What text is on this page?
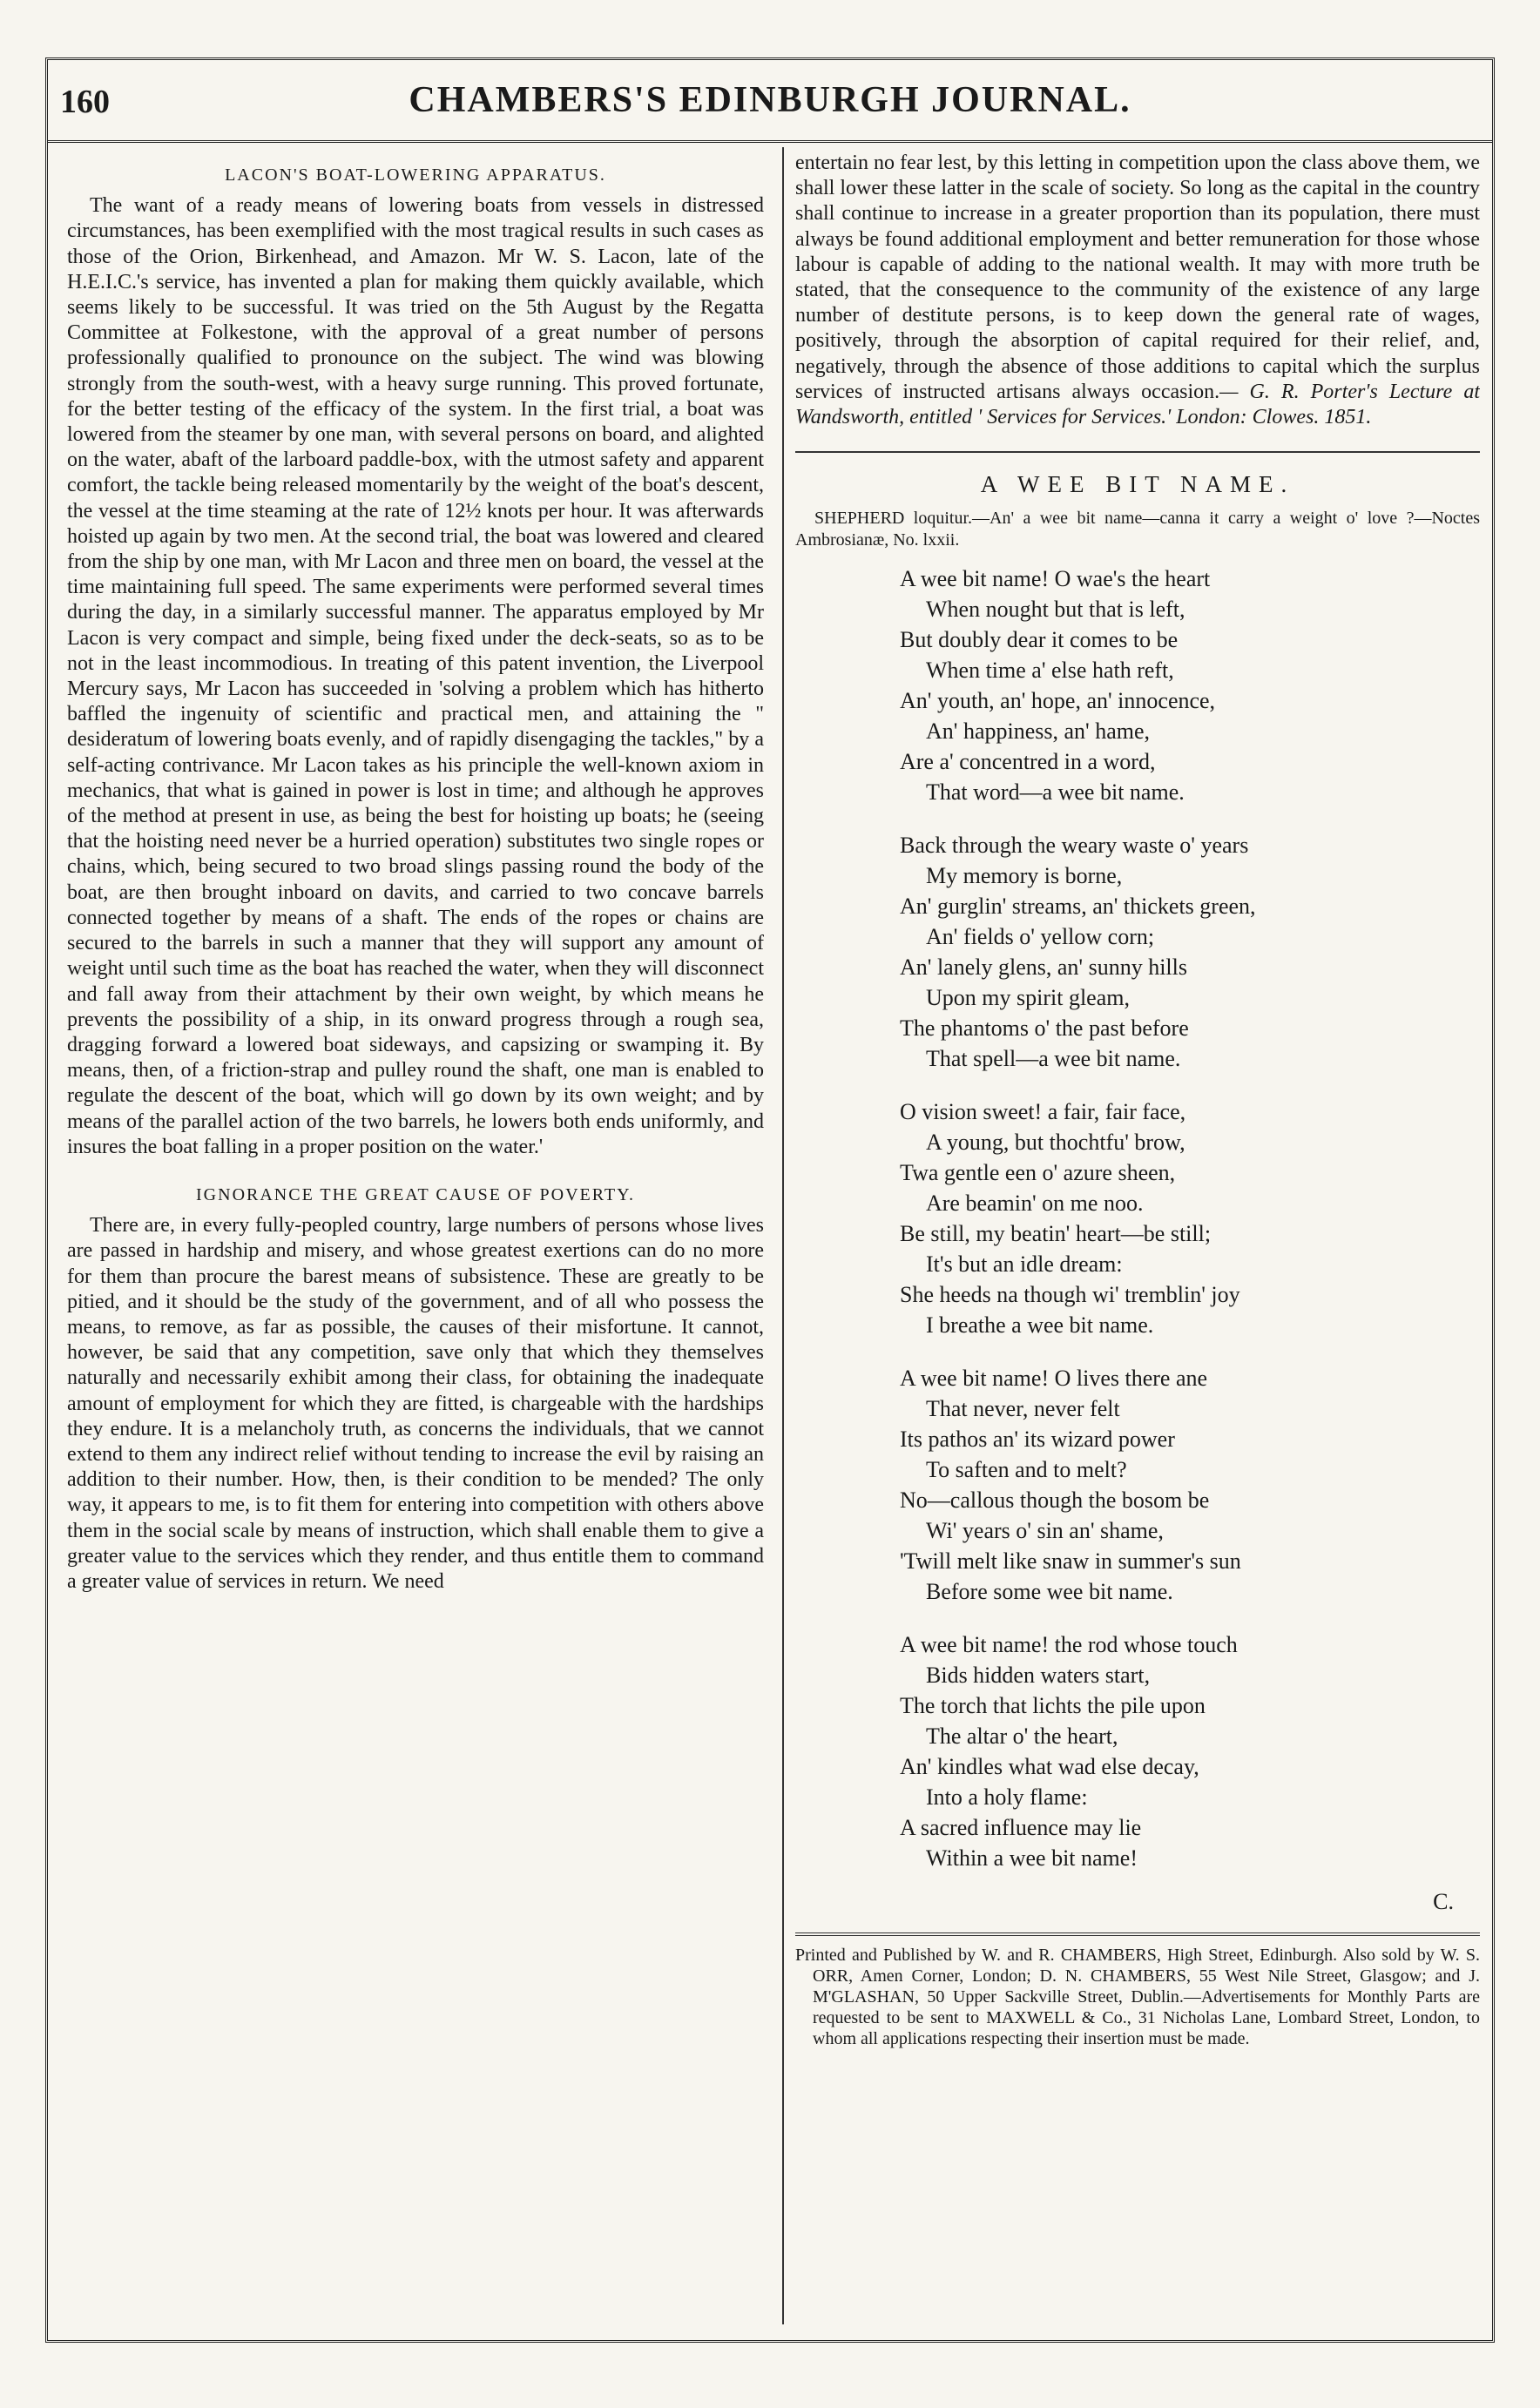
160	CHAMBERS'S EDINBURGH JOURNAL.
LACON'S BOAT-LOWERING APPARATUS.

The want of a ready means of lowering boats from vessels in distressed circumstances, has been exemplified with the most tragical results in such cases as those of the Orion, Birkenhead, and Amazon. Mr W. S. Lacon, late of the H.E.I.C.'s service, has invented a plan for making them quickly available, which seems likely to be successful. It was tried on the 5th August by the Regatta Committee at Folkestone, with the approval of a great number of persons professionally qualified to pronounce on the subject. The wind was blowing strongly from the south-west, with a heavy surge running. This proved fortunate, for the better testing of the efficacy of the system. In the first trial, a boat was lowered from the steamer by one man, with several persons on board, and alighted on the water, abaft of the larboard paddle-box, with the utmost safety and apparent comfort, the tackle being released momentarily by the weight of the boat's descent, the vessel at the time steaming at the rate of 12½ knots per hour. It was afterwards hoisted up again by two men. At the second trial, the boat was lowered and cleared from the ship by one man, with Mr Lacon and three men on board, the vessel at the time maintaining full speed. The same experiments were performed several times during the day, in a similarly successful manner. The apparatus employed by Mr Lacon is very compact and simple, being fixed under the deck-seats, so as to be not in the least incommodious. In treating of this patent invention, the Liverpool Mercury says, Mr Lacon has succeeded in 'solving a problem which has hitherto baffled the ingenuity of scientific and practical men, and attaining the " desideratum of lowering boats evenly, and of rapidly disengaging the tackles," by a self-acting contrivance. Mr Lacon takes as his principle the well-known axiom in mechanics, that what is gained in power is lost in time; and although he approves of the method at present in use, as being the best for hoisting up boats; he (seeing that the hoisting need never be a hurried operation) substitutes two single ropes or chains, which, being secured to two broad slings passing round the body of the boat, are then brought inboard on davits, and carried to two concave barrels connected together by means of a shaft. The ends of the ropes or chains are secured to the barrels in such a manner that they will support any amount of weight until such time as the boat has reached the water, when they will disconnect and fall away from their attachment by their own weight, by which means he prevents the possibility of a ship, in its onward progress through a rough sea, dragging forward a lowered boat sideways, and capsizing or swamping it. By means, then, of a friction-strap and pulley round the shaft, one man is enabled to regulate the descent of the boat, which will go down by its own weight; and by means of the parallel action of the two barrels, he lowers both ends uniformly, and insures the boat falling in a proper position on the water.'

IGNORANCE THE GREAT CAUSE OF POVERTY.

There are, in every fully-peopled country, large numbers of persons whose lives are passed in hardship and misery, and whose greatest exertions can do no more for them than procure the barest means of subsistence. These are greatly to be pitied, and it should be the study of the government, and of all who possess the means, to remove, as far as possible, the causes of their misfortune. It cannot, however, be said that any competition, save only that which they themselves naturally and necessarily exhibit among their class, for obtaining the inadequate amount of employment for which they are fitted, is chargeable with the hardships they endure. It is a melancholy truth, as concerns the individuals, that we cannot extend to them any indirect relief without tending to increase the evil by raising an addition to their number. How, then, is their condition to be mended? The only way, it appears to me, is to fit them for entering into competition with others above them in the social scale by means of instruction, which shall enable them to give a greater value to the services which they render, and thus entitle them to command a greater value of services in return. We need

entertain no fear lest, by this letting in competition upon the class above them, we shall lower these latter in the scale of society. So long as the capital in the country shall continue to increase in a greater proportion than its population, there must always be found additional employment and better remuneration for those whose labour is capable of adding to the national wealth. It may with more truth be stated, that the consequence to the community of the existence of any large number of destitute persons, is to keep down the general rate of wages, positively, through the absorption of capital required for their relief, and, negatively, through the absence of those additions to capital which the surplus services of instructed artisans always occasion.— G. R. Porter's Lecture at Wandsworth, entitled ' Services for Services.' London: Clowes. 1851.

A WEE BIT NAME.

SHEPHERD loquitur.—An' a wee bit name—canna it carry a weight o' love ?—Noctes Ambrosianæ, No. lxxii.

A wee bit name! O wae's the heart
When nought but that is left,
But doubly dear it comes to be
When time a' else hath reft,
An' youth, an' hope, an' innocence,
An' happiness, an' hame,
Are a' concentred in a word,
That word—a wee bit name.
Back through the weary waste o' years
My memory is borne,
An' gurglin' streams, an' thickets green,
An' fields o' yellow corn;
An' lanely glens, an' sunny hills
Upon my spirit gleam,
The phantoms o' the past before
That spell—a wee bit name.
O vision sweet! a fair, fair face,
A young, but thochtfu' brow,
Twa gentle een o' azure sheen,
Are beamin' on me noo.
Be still, my beatin' heart—be still;
It's but an idle dream:
She heeds na though wi' tremblin' joy
I breathe a wee bit name.
A wee bit name! O lives there ane
That never, never felt
Its pathos an' its wizard power
To saften and to melt?
No—callous though the bosom be
Wi' years o' sin an' shame,
'Twill melt like snaw in summer's sun
Before some wee bit name.
A wee bit name! the rod whose touch
Bids hidden waters start,
The torch that lichts the pile upon
The altar o' the heart,
An' kindles what wad else decay,
Into a holy flame:
A sacred influence may lie
Within a wee bit name!
C.

Printed and Published by W. and R. CHAMBERS, High Street, Edinburgh. Also sold by W. S. ORR, Amen Corner, London; D. N. CHAMBERS, 55 West Nile Street, Glasgow; and J. M'GLASHAN, 50 Upper Sackville Street, Dublin.—Advertisements for Monthly Parts are requested to be sent to MAXWELL & Co., 31 Nicholas Lane, Lombard Street, London, to whom all applications respecting their insertion must be made.
